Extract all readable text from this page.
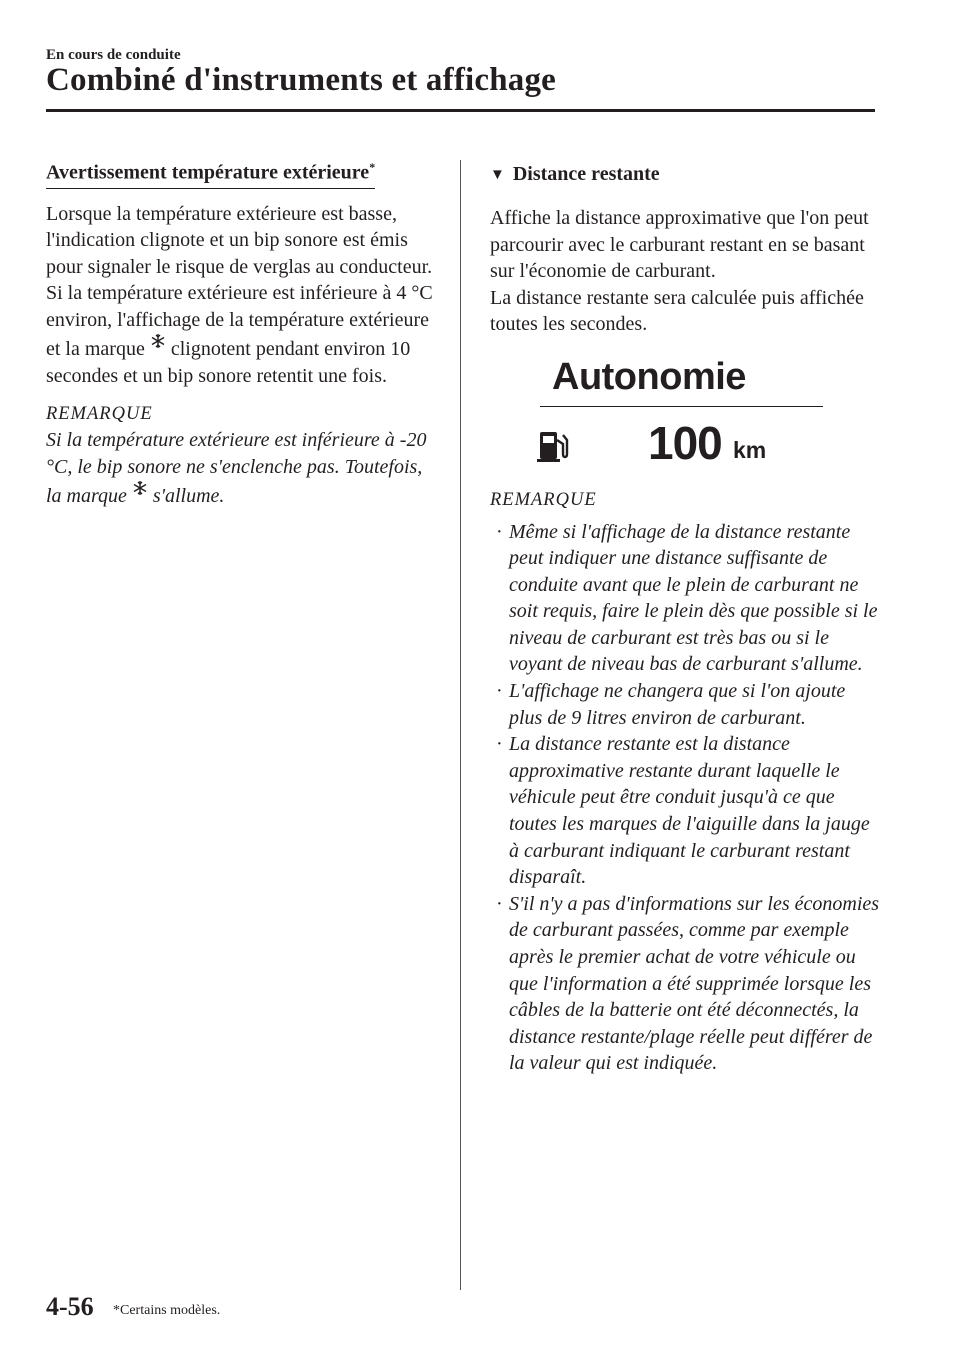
En cours de conduite
Combiné d'instruments et affichage
Avertissement température extérieure*

Lorsque la température extérieure est basse, l'indication clignote et un bip sonore est émis pour signaler le risque de verglas au conducteur.

Si la température extérieure est inférieure à 4 °C environ, l'affichage de la température extérieure et la marque  clignotent pendant environ 10 secondes et un bip sonore retentit une fois.

REMARQUE

Si la température extérieure est inférieure à -20 °C, le bip sonore ne s'enclenche pas. Toutefois, la marque  s'allume.

▼ Distance restante

Affiche la distance approximative que l'on peut parcourir avec le carburant restant en se basant sur l'économie de carburant.

La distance restante sera calculée puis affichée toutes les secondes.

Autonomie
100 km
REMARQUE
· Même si l'affichage de la distance restante peut indiquer une distance suffisante de conduite avant que le plein de carburant ne soit requis, faire le plein dès que possible si le niveau de carburant est très bas ou si le voyant de niveau bas de carburant s'allume.
· L'affichage ne changera que si l'on ajoute plus de 9 litres environ de carburant.
· La distance restante est la distance approximative restante durant laquelle le véhicule peut être conduit jusqu'à ce que toutes les marques de l'aiguille dans la jauge à carburant indiquant le carburant restant disparaît.
· S'il n'y a pas d'informations sur les économies de carburant passées, comme par exemple après le premier achat de votre véhicule ou que l'information a été supprimée lorsque les câbles de la batterie ont été déconnectés, la distance restante/plage réelle peut différer de la valeur qui est indiquée.
4-56 *Certains modèles.
